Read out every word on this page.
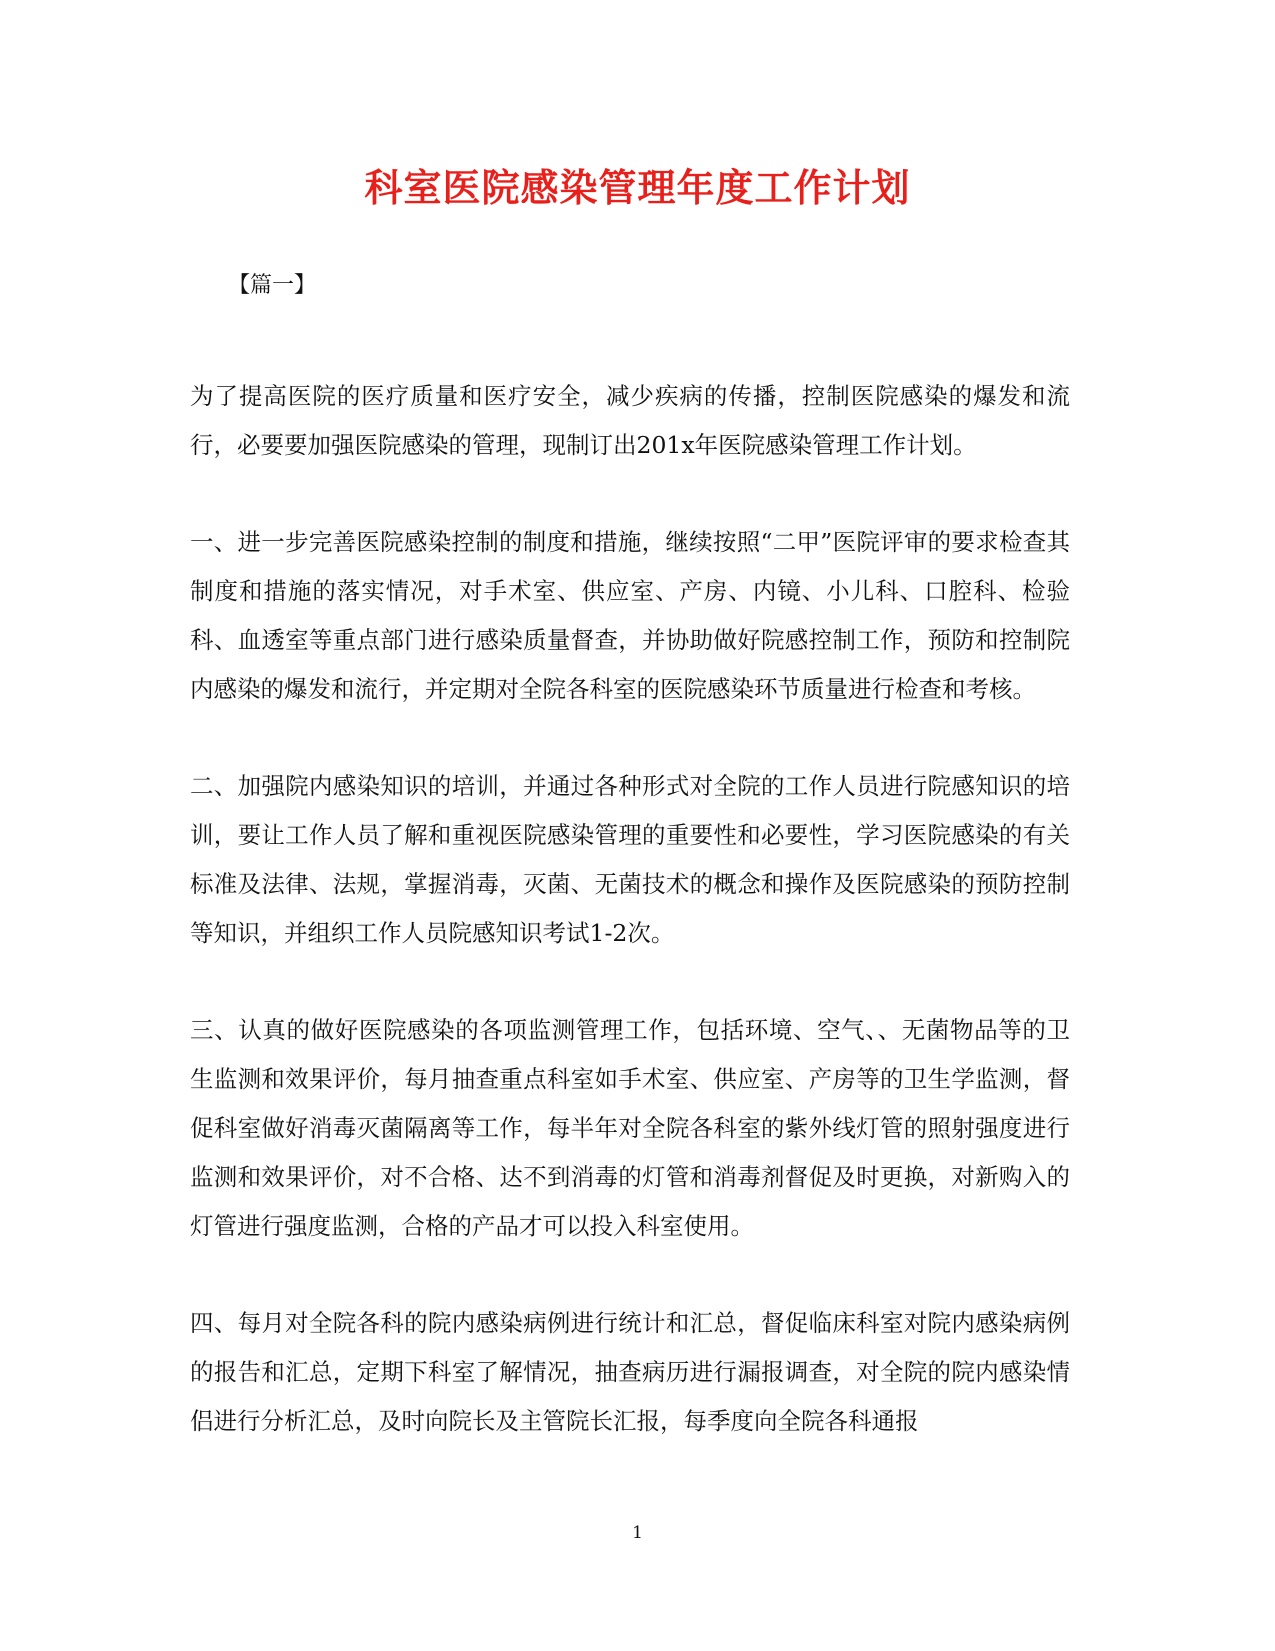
科室医院感染管理年度工作计划
【篇一】

为了提高医院的医疗质量和医疗安全，减少疾病的传播，控制医院感染的爆发和流行，必要要加强医院感染的管理，现制订出201x年医院感染管理工作计划。

一、进一步完善医院感染控制的制度和措施，继续按照“二甲”医院评审的要求检查其制度和措施的落实情况，对手术室、供应室、产房、内镜、小儿科、口腔科、检验科、血透室等重点部门进行感染质量督查，并协助做好院感控制工作，预防和控制院内感染的爆发和流行，并定期对全院各科室的医院感染环节质量进行检查和考核。

二、加强院内感染知识的培训，并通过各种形式对全院的工作人员进行院感知识的培训，要让工作人员了解和重视医院感染管理的重要性和必要性，学习医院感染的有关标准及法律、法规，掌握消毒，灭菌、无菌技术的概念和操作及医院感染的预防控制等知识，并组织工作人员院感知识考试1-2次。

三、认真的做好医院感染的各项监测管理工作，包括环境、空气、、无菌物品等的卫生监测和效果评价，每月抽查重点科室如手术室、供应室、产房等的卫生学监测，督促科室做好消毒灭菌隔离等工作，每半年对全院各科室的紫外线灯管的照射强度进行监测和效果评价，对不合格、达不到消毒的灯管和消毒剂督促及时更换，对新购入的灯管进行强度监测，合格的产品才可以投入科室使用。

四、每月对全院各科的院内感染病例进行统计和汇总，督促临床科室对院内感染病例的报告和汇总，定期下科室了解情况，抽查病历进行漏报调查，对全院的院内感染情侣进行分析汇总，及时向院长及主管院长汇报，每季度向全院各科通报

1
